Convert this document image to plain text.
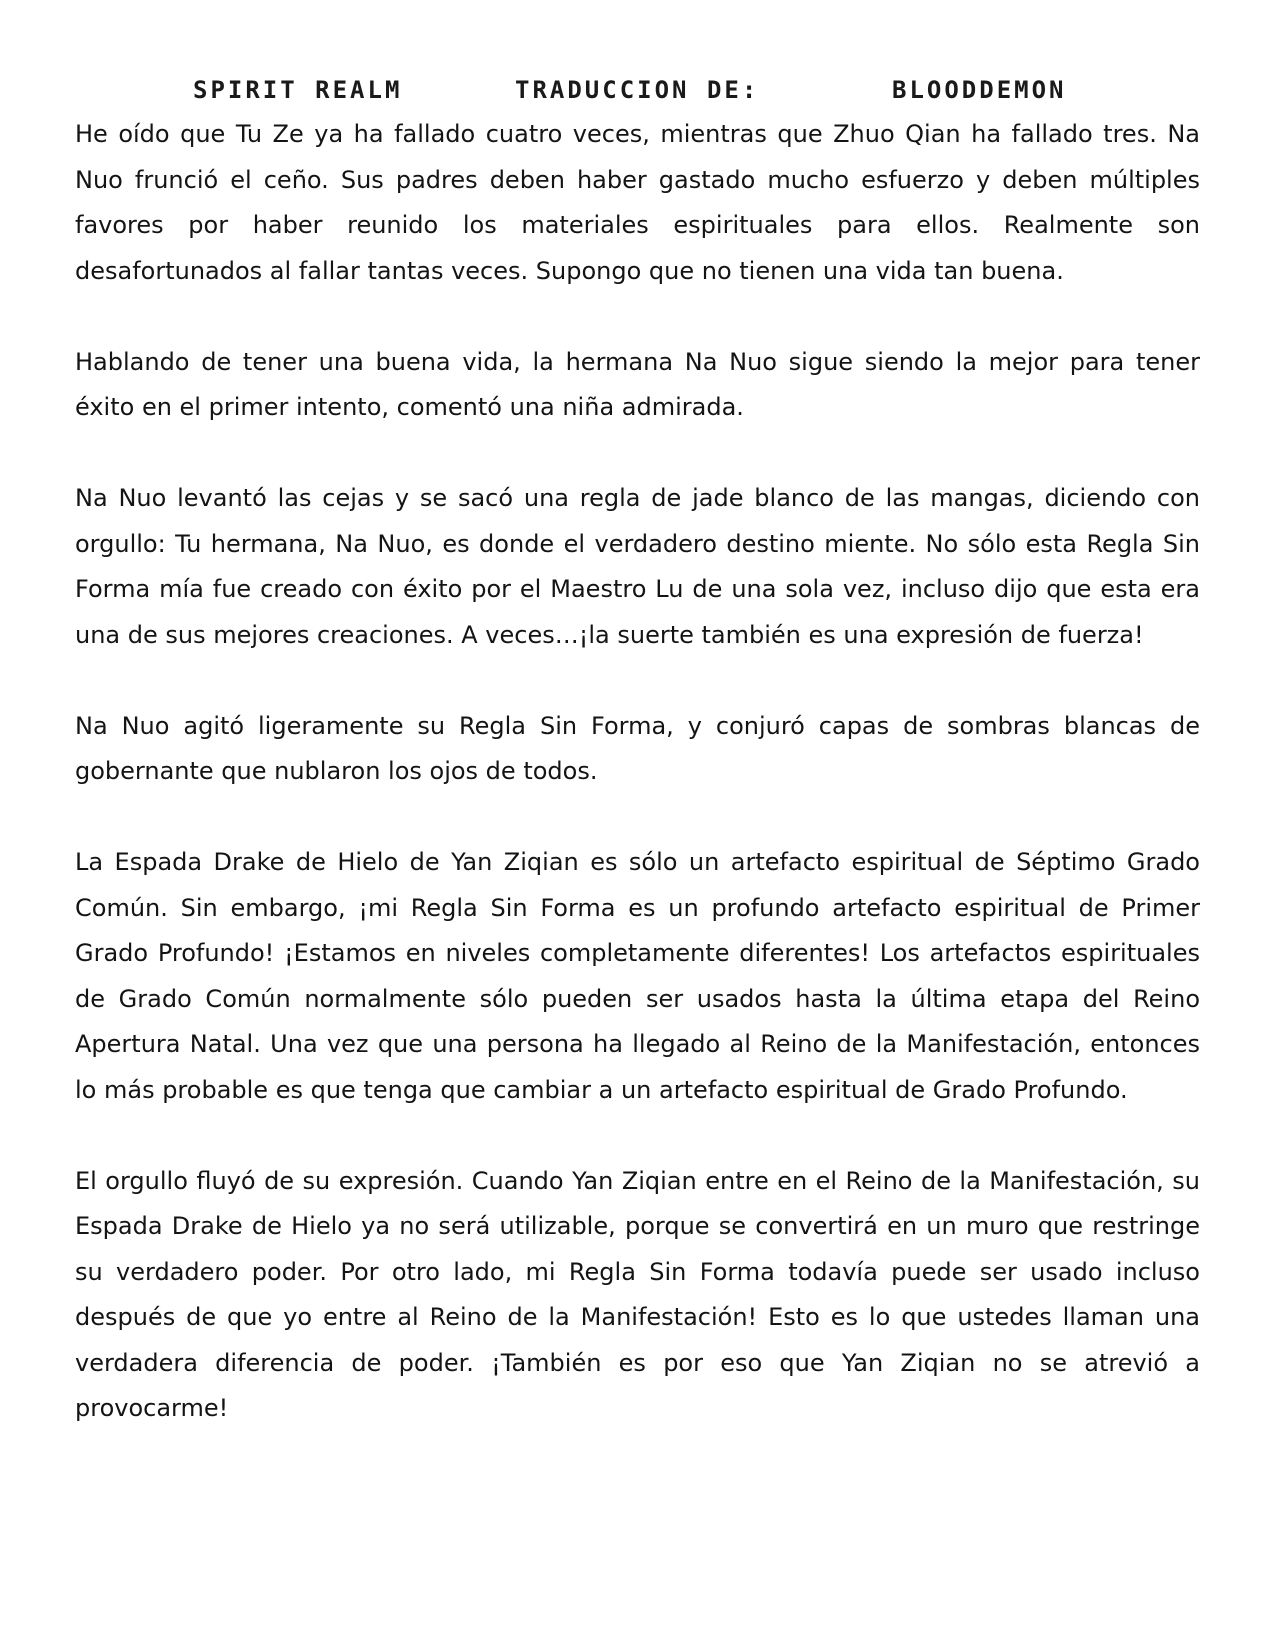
SPIRIT REALM	TRADUCCION DE:	BLOODDEMON

He oído que Tu Ze ya ha fallado cuatro veces, mientras que Zhuo Qian ha fallado tres. Na Nuo frunció el ceño. Sus padres deben haber gastado mucho esfuerzo y deben múltiples favores por haber reunido los materiales espirituales para ellos. Realmente son desafortunados al fallar tantas veces. Supongo que no tienen una vida tan buena.

Hablando de tener una buena vida, la hermana Na Nuo sigue siendo la mejor para tener éxito en el primer intento, comentó una niña admirada.

Na Nuo levantó las cejas y se sacó una regla de jade blanco de las mangas, diciendo con orgullo: Tu hermana, Na Nuo, es donde el verdadero destino miente. No sólo esta Regla Sin Forma mía fue creado con éxito por el Maestro Lu de una sola vez, incluso dijo que esta era una de sus mejores creaciones. A veces…¡la suerte también es una expresión de fuerza!

Na Nuo agitó ligeramente su Regla Sin Forma, y conjuró capas de sombras blancas de gobernante que nublaron los ojos de todos.

La Espada Drake de Hielo de Yan Ziqian es sólo un artefacto espiritual de Séptimo Grado Común. Sin embargo, ¡mi Regla Sin Forma es un profundo artefacto espiritual de Primer Grado Profundo! ¡Estamos en niveles completamente diferentes! Los artefactos espirituales de Grado Común normalmente sólo pueden ser usados hasta la última etapa del Reino Apertura Natal. Una vez que una persona ha llegado al Reino de la Manifestación, entonces lo más probable es que tenga que cambiar a un artefacto espiritual de Grado Profundo.

El orgullo fluyó de su expresión. Cuando Yan Ziqian entre en el Reino de la Manifestación, su Espada Drake de Hielo ya no será utilizable, porque se convertirá en un muro que restringe su verdadero poder. Por otro lado, mi Regla Sin Forma todavía puede ser usado incluso después de que yo entre al Reino de la Manifestación! Esto es lo que ustedes llaman una verdadera diferencia de poder. ¡También es por eso que Yan Ziqian no se atrevió a provocarme!
